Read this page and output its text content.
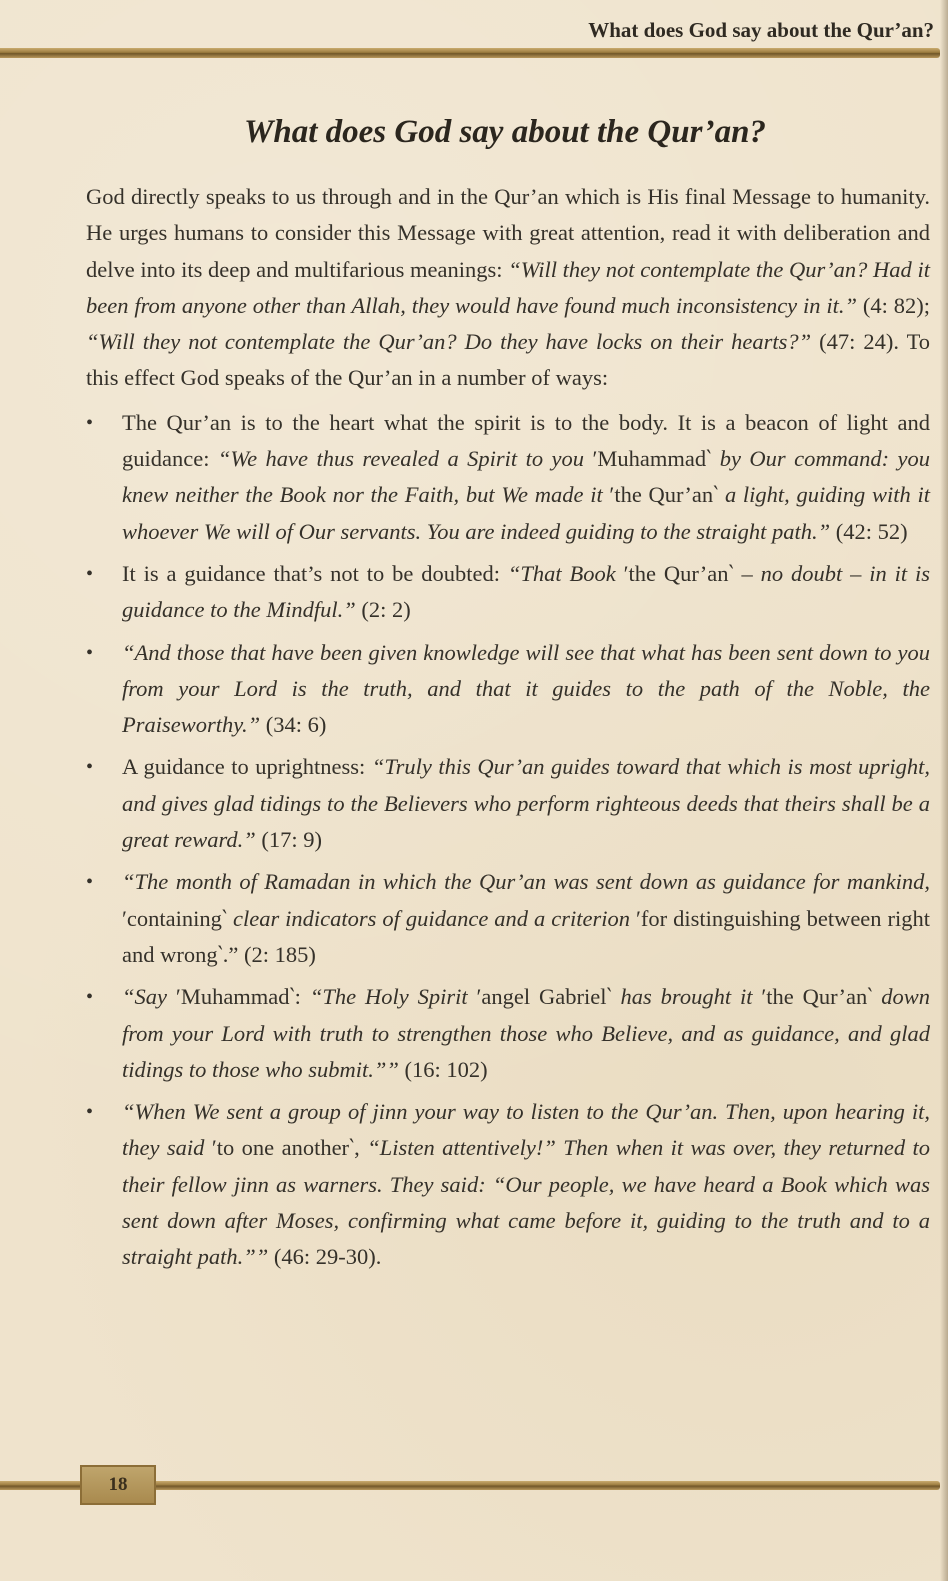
What does God say about the Qur’an?
What does God say about the Qur’an?

God directly speaks to us through and in the Qur’an which is His final Message to humanity. He urges humans to consider this Message with great attention, read it with deliberation and delve into its deep and multifarious meanings: “Will they not contemplate the Qur’an? Had it been from anyone other than Allah, they would have found much inconsistency in it.” (4: 82); “Will they not contemplate the Qur’an? Do they have locks on their hearts?” (47: 24). To this effect God speaks of the Qur’an in a number of ways:

• The Qur’an is to the heart what the spirit is to the body. It is a beacon of light and guidance: “We have thus revealed a Spirit to you ′Muhammad‵ by Our command: you knew neither the Book nor the Faith, but We made it ′the Qur’an‵ a light, guiding with it whoever We will of Our servants. You are indeed guiding to the straight path.” (42: 52)
• It is a guidance that’s not to be doubted: “That Book ′the Qur’an‵ – no doubt – in it is guidance to the Mindful.” (2: 2)
• “And those that have been given knowledge will see that what has been sent down to you from your Lord is the truth, and that it guides to the path of the Noble, the Praiseworthy.” (34: 6)
• A guidance to uprightness: “Truly this Qur’an guides toward that which is most upright, and gives glad tidings to the Believers who perform righteous deeds that theirs shall be a great reward.” (17: 9)
• “The month of Ramadan in which the Qur’an was sent down as guidance for mankind, ′containing‵ clear indicators of guidance and a criterion ′for distinguishing between right and wrong‵.” (2: 185)
• “Say ′Muhammad‵: “The Holy Spirit ′angel Gabriel‵ has brought it ′the Qur’an‵ down from your Lord with truth to strengthen those who Believe, and as guidance, and glad tidings to those who submit.”” (16: 102)
• “When We sent a group of jinn your way to listen to the Qur’an. Then, upon hearing it, they said ′to one another‵, “Listen attentively!” Then when it was over, they returned to their fellow jinn as warners. They said: “Our people, we have heard a Book which was sent down after Moses, confirming what came before it, guiding to the truth and to a straight path.”” (46: 29-30).
18
